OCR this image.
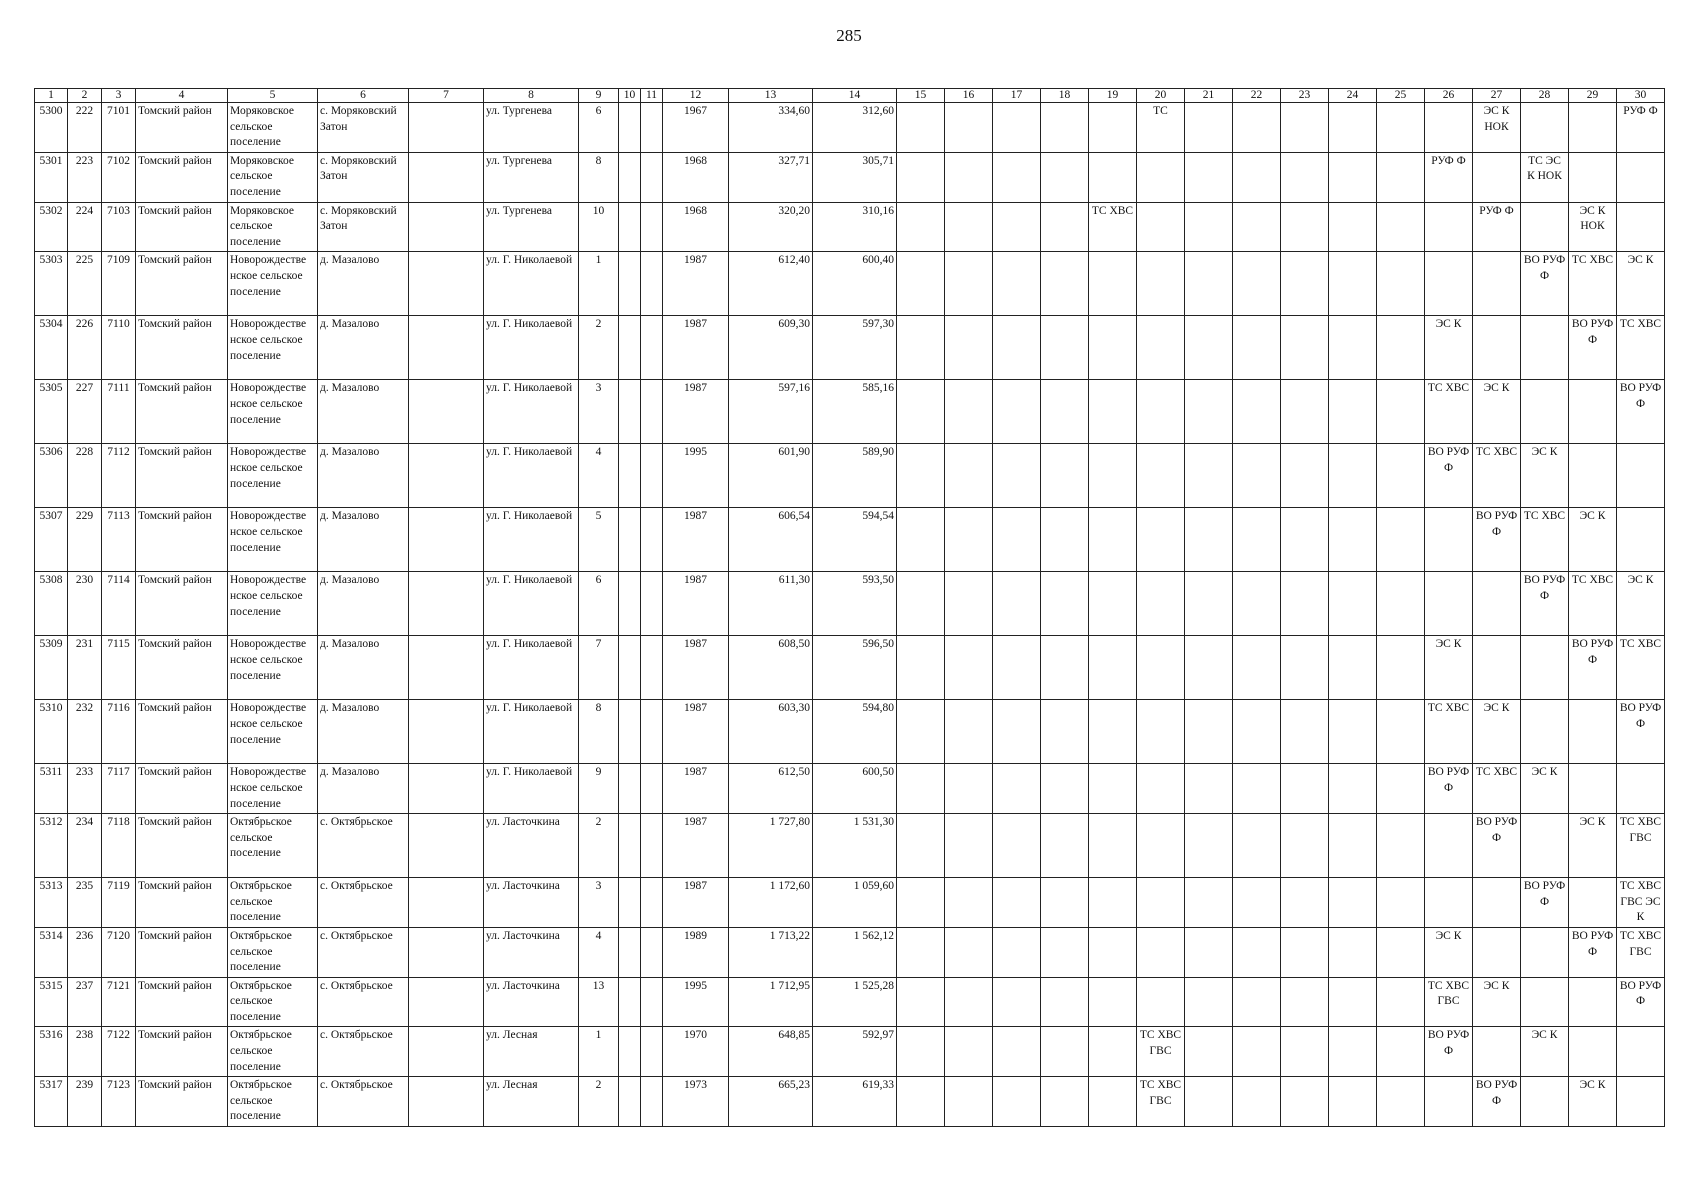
285
1	2	3	4	5	6	7	8	9	10	11	12	13	14	15	16	17	18	19	20	21	22	23	24	25	26	27	28	29	30
5300	222	7101	Томский район	Моряковское сельское поселение	с. Моряковский Затон		ул. Тургенева	6			1967	334,60	312,60						ТС							ЭС К НОК			РУФ Ф
5301	223	7102	Томский район	Моряковское сельское поселение	с. Моряковский Затон		ул. Тургенева	8			1968	327,71	305,71												РУФ Ф		ТС ЭС К НОК		
5302	224	7103	Томский район	Моряковское сельское поселение	с. Моряковский Затон		ул. Тургенева	10			1968	320,20	310,16					ТС ХВС								РУФ Ф		ЭС К НОК	
5303	225	7109	Томский район	Новорождестве нское сельское поселение	д. Мазалово		ул. Г. Николаевой	1			1987	612,40	600,40														ВО РУФ Ф	ТС ХВС	ЭС К
5304	226	7110	Томский район	Новорождестве нское сельское поселение	д. Мазалово		ул. Г. Николаевой	2			1987	609,30	597,30												ЭС К			ВО РУФ Ф	ТС ХВС
5305	227	7111	Томский район	Новорождестве нское сельское поселение	д. Мазалово		ул. Г. Николаевой	3			1987	597,16	585,16												ТС ХВС	ЭС К			ВО РУФ Ф
5306	228	7112	Томский район	Новорождестве нское сельское поселение	д. Мазалово		ул. Г. Николаевой	4			1995	601,90	589,90												ВО РУФ Ф	ТС ХВС	ЭС К		
5307	229	7113	Томский район	Новорождестве нское сельское поселение	д. Мазалово		ул. Г. Николаевой	5			1987	606,54	594,54													ВО РУФ Ф	ТС ХВС	ЭС К	
5308	230	7114	Томский район	Новорождестве нское сельское поселение	д. Мазалово		ул. Г. Николаевой	6			1987	611,30	593,50														ВО РУФ Ф	ТС ХВС	ЭС К
5309	231	7115	Томский район	Новорождестве нское сельское поселение	д. Мазалово		ул. Г. Николаевой	7			1987	608,50	596,50												ЭС К			ВО РУФ Ф	ТС ХВС
5310	232	7116	Томский район	Новорождестве нское сельское поселение	д. Мазалово		ул. Г. Николаевой	8			1987	603,30	594,80												ТС ХВС	ЭС К			ВО РУФ Ф
5311	233	7117	Томский район	Новорождестве нское сельское поселение	д. Мазалово		ул. Г. Николаевой	9			1987	612,50	600,50												ВО РУФ Ф	ТС ХВС	ЭС К		
5312	234	7118	Томский район	Октябрьское сельское поселение	с. Октябрьское		ул. Ласточкина	2			1987	1 727,80	1 531,30													ВО РУФ Ф		ЭС К	ТС ХВС ГВС
5313	235	7119	Томский район	Октябрьское сельское поселение	с. Октябрьское		ул. Ласточкина	3			1987	1 172,60	1 059,60														ВО РУФ Ф		ТС ХВС ГВС ЭС К
5314	236	7120	Томский район	Октябрьское сельское поселение	с. Октябрьское		ул. Ласточкина	4			1989	1 713,22	1 562,12												ЭС К			ВО РУФ Ф	ТС ХВС ГВС
5315	237	7121	Томский район	Октябрьское сельское поселение	с. Октябрьское		ул. Ласточкина	13			1995	1 712,95	1 525,28												ТС ХВС ГВС	ЭС К			ВО РУФ Ф
5316	238	7122	Томский район	Октябрьское сельское поселение	с. Октябрьское		ул. Лесная	1			1970	648,85	592,97						ТС ХВС ГВС						ВО РУФ Ф		ЭС К		
5317	239	7123	Томский район	Октябрьское сельское поселение	с. Октябрьское		ул. Лесная	2			1973	665,23	619,33						ТС ХВС ГВС							ВО РУФ Ф		ЭС К	
